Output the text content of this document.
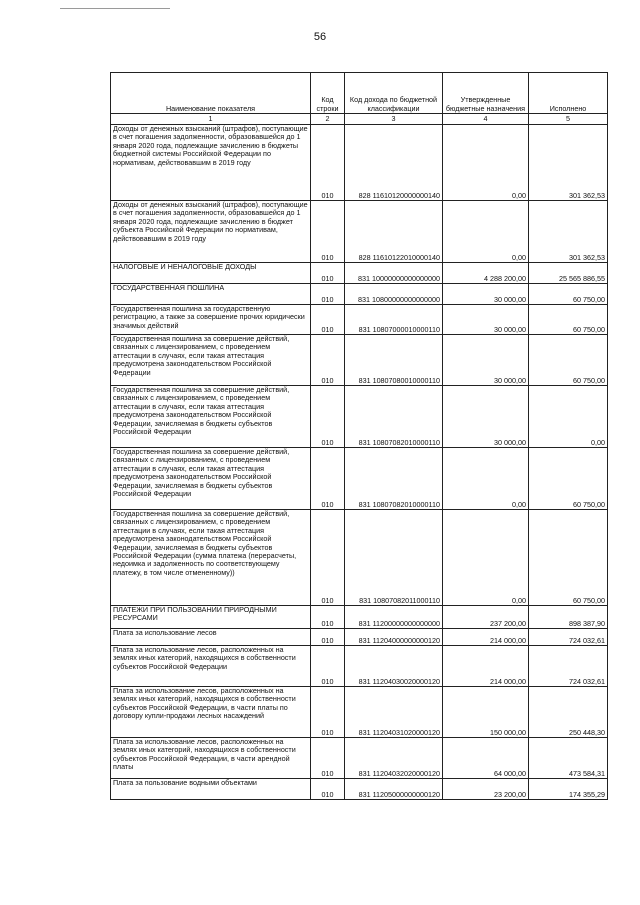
56
Наименование показателя	Код строки	Код дохода по бюджетной классификации	Утвержденные бюджетные назначения	Исполнено
1	2	3	4	5
Доходы от денежных взысканий (штрафов), поступающие в счет погашения задолженности, образовавшейся до 1 января 2020 года, подлежащие зачислению в бюджеты бюджетной системы Российской Федерации по нормативам, действовавшим в 2019 году	010	828 11610120000000140	0,00	301 362,53
Доходы от денежных взысканий (штрафов), поступающие в счет погашения задолженности, образовавшейся до 1 января 2020 года, подлежащие зачислению в бюджет субъекта Российской Федерации по нормативам, действовавшим в 2019 году	010	828 11610122010000140	0,00	301 362,53
НАЛОГОВЫЕ И НЕНАЛОГОВЫЕ ДОХОДЫ	010	831 10000000000000000	4 288 200,00	25 565 886,55
ГОСУДАРСТВЕННАЯ ПОШЛИНА	010	831 10800000000000000	30 000,00	60 750,00
Государственная пошлина за государственную регистрацию, а также за совершение прочих юридически значимых действий	010	831 10807000010000110	30 000,00	60 750,00
Государственная пошлина за совершение действий, связанных с лицензированием, с проведением аттестации в случаях, если такая аттестация предусмотрена законодательством Российской Федерации	010	831 10807080010000110	30 000,00	60 750,00
Государственная пошлина за совершение действий, связанных с лицензированием, с проведением аттестации в случаях, если такая аттестация предусмотрена законодательством Российской Федерации, зачисляемая в бюджеты субъектов Российской Федерации	010	831 10807082010000110	30 000,00	0,00
Государственная пошлина за совершение действий, связанных с лицензированием, с проведением аттестации в случаях, если такая аттестация предусмотрена законодательством Российской Федерации, зачисляемая в бюджеты субъектов Российской Федерации	010	831 10807082010000110	0,00	60 750,00
Государственная пошлина за совершение действий, связанных с лицензированием, с проведением аттестации в случаях, если такая аттестация предусмотрена законодательством Российской Федерации, зачисляемая в бюджеты субъектов Российской Федерации (сумма платежа (перерасчеты, недоимка и задолженность по соответствующему платежу, в том числе отмененному))	010	831 10807082011000110	0,00	60 750,00
ПЛАТЕЖИ ПРИ ПОЛЬЗОВАНИИ ПРИРОДНЫМИ РЕСУРСАМИ	010	831 11200000000000000	237 200,00	898 387,90
Плата за использование лесов	010	831 11204000000000120	214 000,00	724 032,61
Плата за использование лесов, расположенных на землях иных категорий, находящихся в собственности субъектов Российской Федерации	010	831 11204030020000120	214 000,00	724 032,61
Плата за использование лесов, расположенных на землях иных категорий, находящихся в собственности субъектов Российской Федерации, в части платы по договору купли-продажи лесных насаждений	010	831 11204031020000120	150 000,00	250 448,30
Плата за использование лесов, расположенных на землях иных категорий, находящихся в собственности субъектов Российской Федерации, в части арендной платы	010	831 11204032020000120	64 000,00	473 584,31
Плата за пользование водными объектами	010	831 11205000000000120	23 200,00	174 355,29
